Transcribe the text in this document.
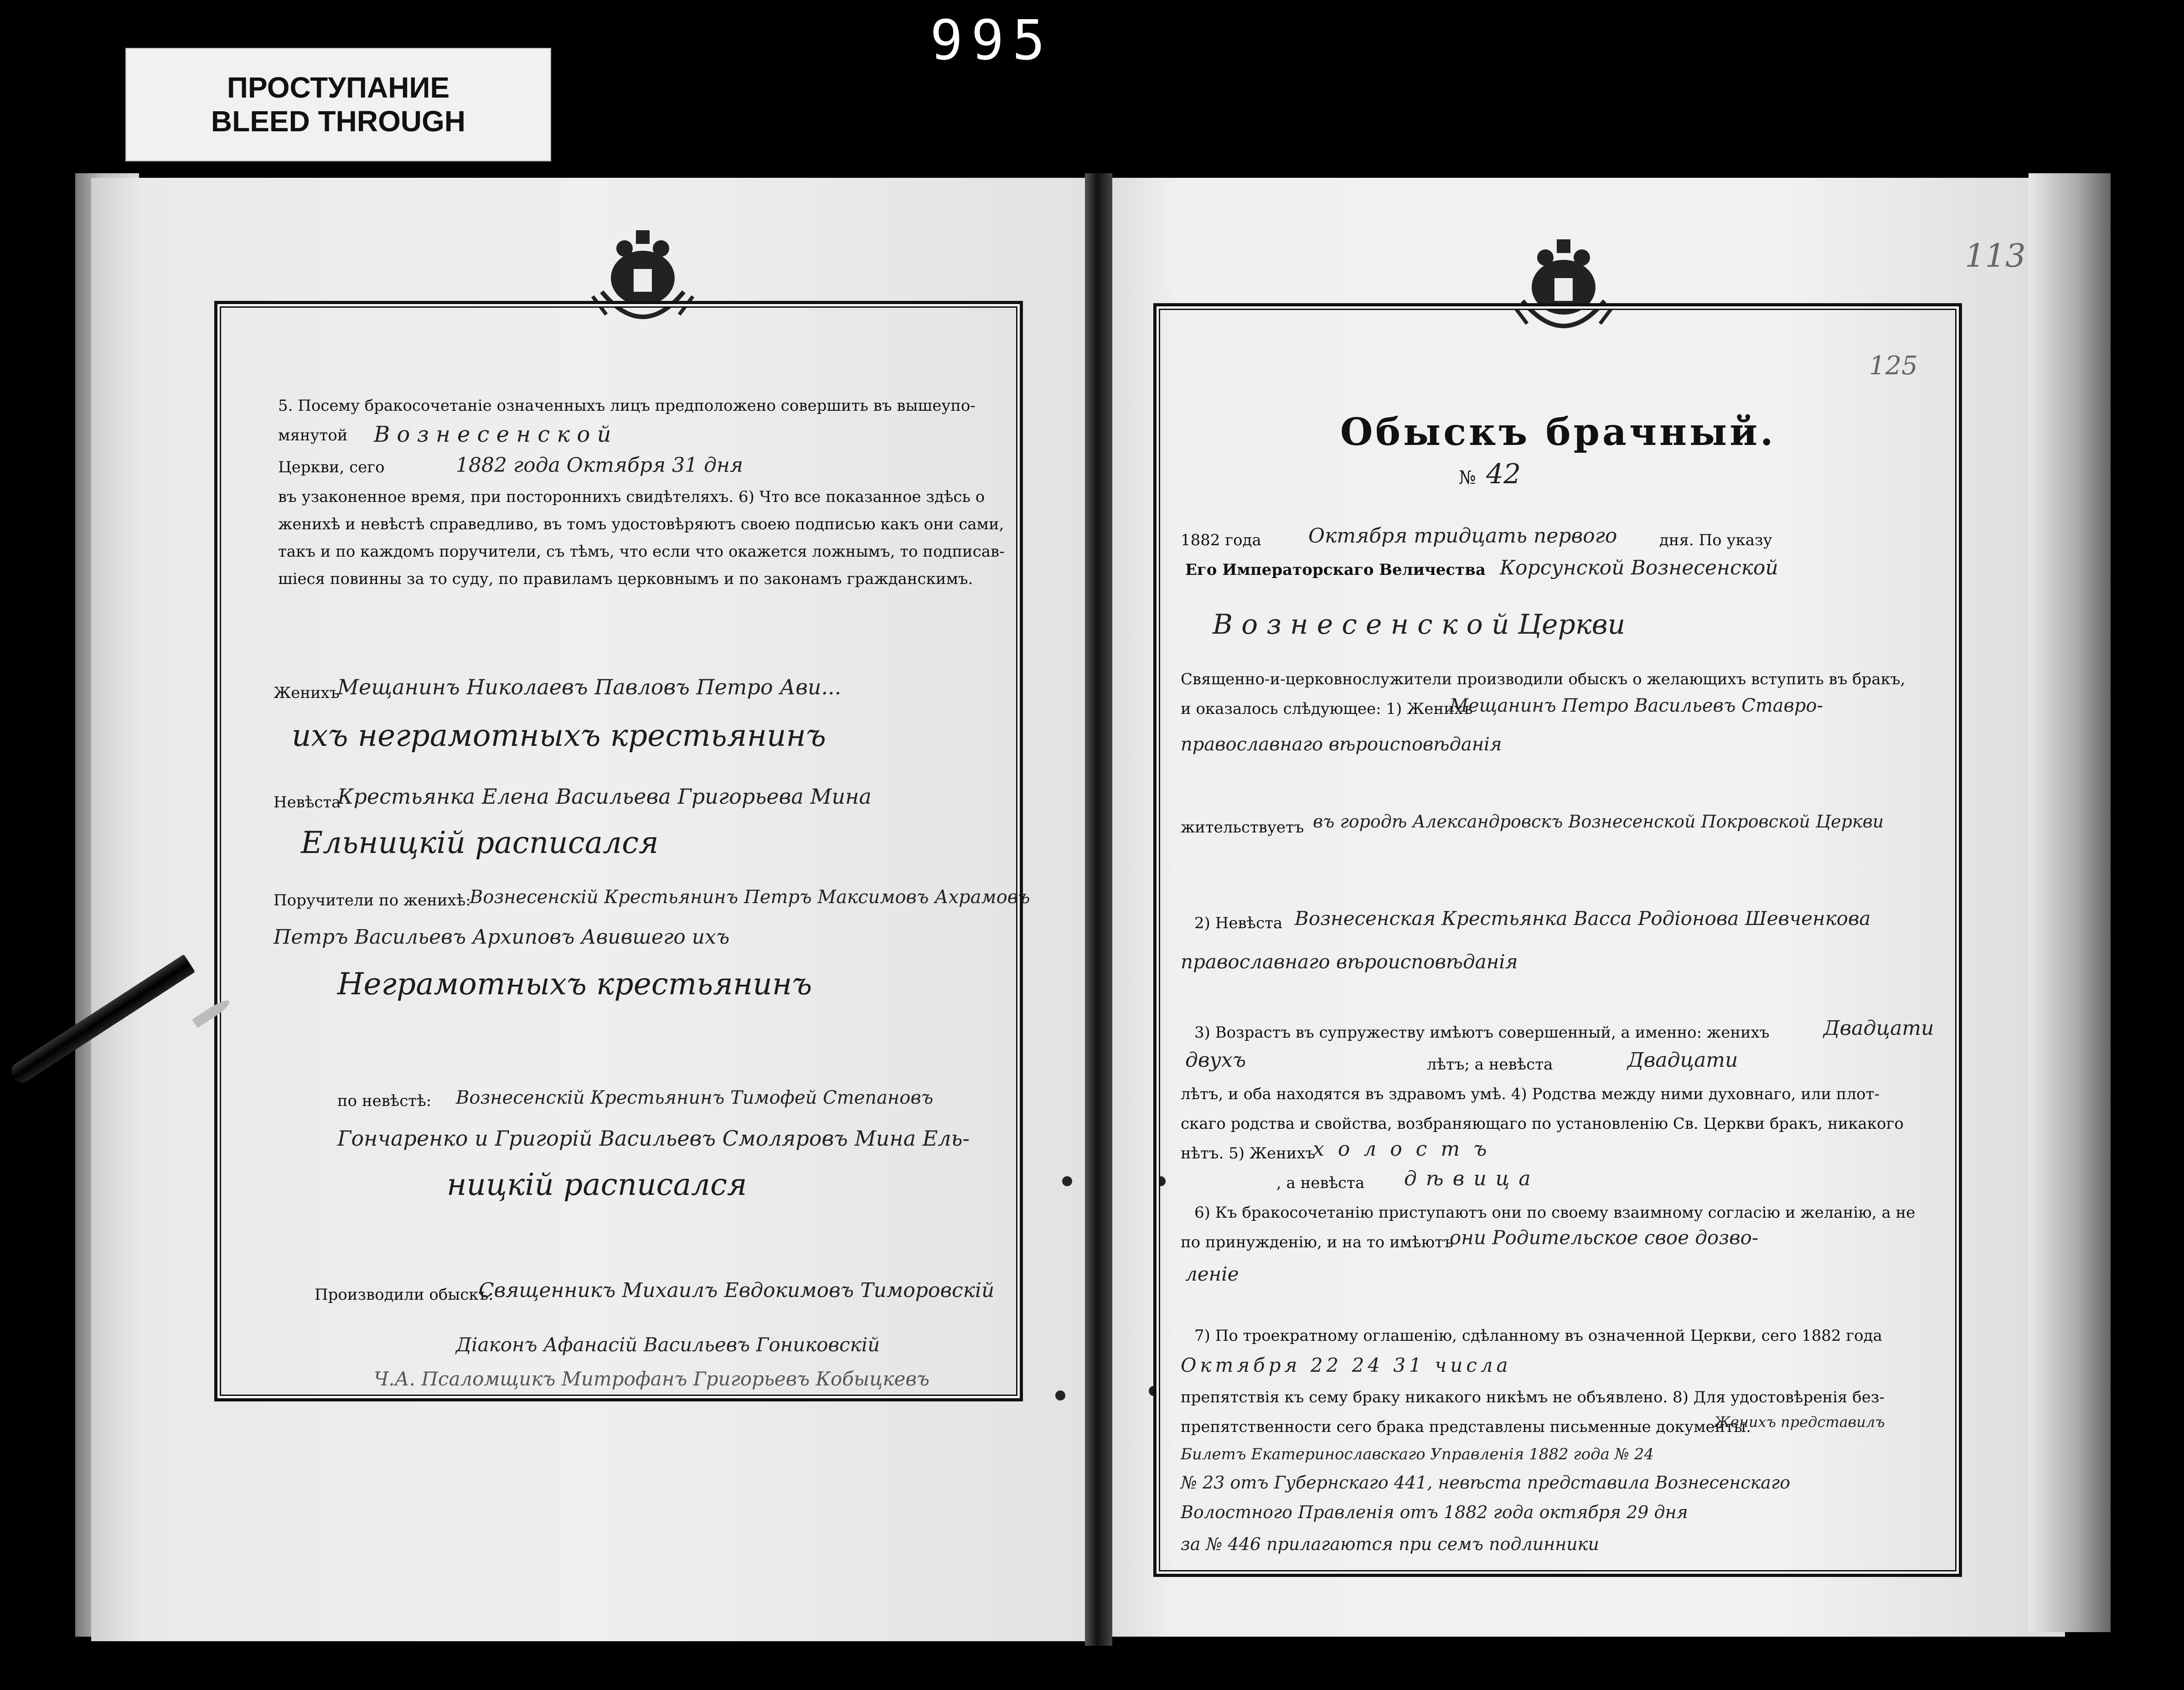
995
ПРОСТУПАНИЕ
BLEED THROUGH
113
125
5. Посему бракосочетаніе означенныхъ лицъ предположено совершить въ вышеупо-
мянутой В о з н е с е н с к о й
Церкви, сего	1882 года Октября 31 дня
въ узаконенное время, при постороннихъ свидѣтеляхъ. 6) Что все показанное здѣсь о
женихѣ и невѣстѣ справедливо, въ томъ удостовѣряютъ своею подписью какъ они сами,
такъ и по каждомъ поручители, съ тѣмъ, что если что окажется ложнымъ, то подписав-
шіеся повинны за то суду, по правиламъ церковнымъ и по законамъ гражданскимъ.
Женихъ
Мещанинъ Николаевъ Павловъ Петро Ави...
ихъ неграмотныхъ крестьянинъ
Невѣста
Крестьянка Еленa Васильева Григорьева Мина
Ельницкій расписался
Поручители по женихѣ:
Вознесенскій Крестьянинъ Петръ Максимовъ Ахрамовъ
Петръ Васильевъ Архиповъ Авившего ихъ
Неграмотныхъ крестьянинъ
по невѣстѣ: Вознесенскій Крестьянинъ Тимофей Степановъ
Гончаренко и Григорій Васильевъ Смоляровъ Мина Ель-
ницкій расписался
Производили обыскъ:
Священникъ Михаилъ Евдокимовъ Тиморовскій
Діаконъ Афанасій Васильевъ Гониковскій
Ч.А. Псаломщикъ Митрофанъ Григорьевъ Кобыцкевъ
Обыскъ брачный.
№ 42
1882 года Октября тридцать первого	дня. По указу
Его Императорскаго Величества Корсунской Вознесенской
В о з н е с е н с к о й Церкви
Священно-и-церковнослужители производили обыскъ о желающихъ вступить въ бракъ,
и оказалось слѣдующее: 1) Женихъ
Мещанинъ Петро Васильевъ Ставро-
православнаго вѣроисповѣданія
жительствуетъ въ городѣ Александровскъ Вознесенской Покровской Церкви
2) Невѣста Вознесенская Крестьянка Васса Родіонова Шевченкова
православнаго вѣроисповѣданія
3) Возрастъ въ супружеству имѣютъ совершенный, а именно: женихъ	Двадцати
двухъ	лѣтъ; а невѣста	Двадцати
лѣтъ, и оба находятся въ здравомъ умѣ. 4) Родства между ними духовнаго, или плот-
скаго родства и свойства, возбраняющаго по установленію Св. Церкви бракъ, никакого
нѣтъ. 5) Женихъ
холостъ
, а невѣста дѣвица
6) Къ бракосочетанію приступаютъ они по своему взаимному согласію и желанію, а не
по принужденію, и на то имѣютъ
они Родительское свое дозво-
леніе
7) По троекратному оглашенію, сдѣланному въ означенной Церкви, сего 1882 года
Октября 22 24 31 числа
препятствія къ сему браку никакого никѣмъ не объявлено. 8) Для удостовѣренія без-
препятственности сего брака представлены письменные документы.
Женихъ представилъ
Билетъ Екатеринославскаго Управленія 1882 года № 24
№ 23 отъ Губернскаго 441, невѣста представила Вознесенскаго
Волостного Правленія отъ 1882 года октября 29 дня
за № 446 прилагаются при семъ подлинники
